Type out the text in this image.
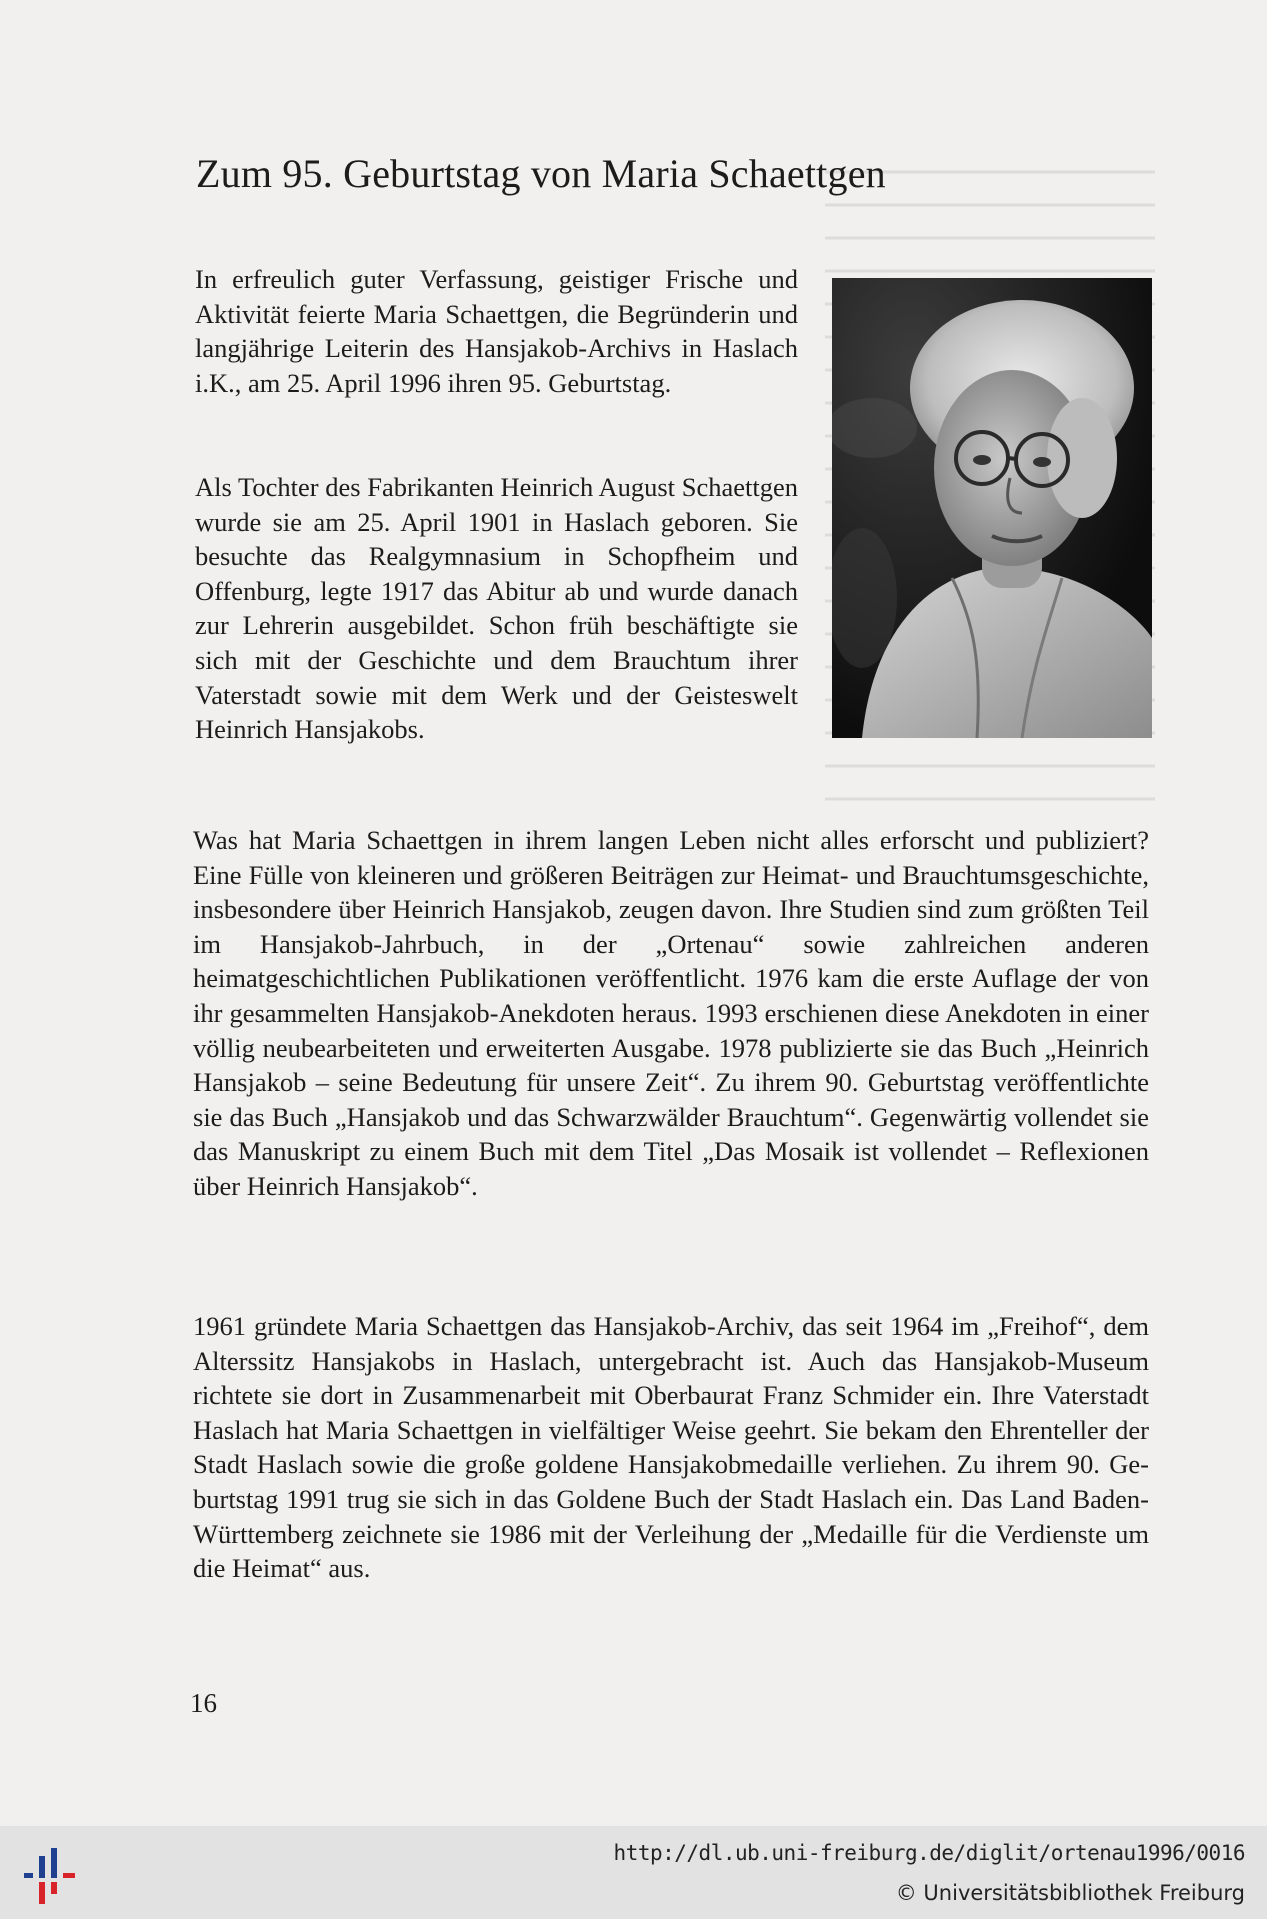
Zum 95. Geburtstag von Maria Schaettgen

In erfreulich guter Verfassung, geistiger Frische und Aktivität feierte Maria Schaettgen, die Begründerin und langjährige Leiterin des Hansjakob-Archivs in Haslach i.K., am 25. April 1996 ihren 95. Geburtstag.

Als Tochter des Fabrikanten Heinrich August Schaettgen wurde sie am 25. April 1901 in Haslach geboren. Sie besuchte das Realgymnasium in Schopfheim und Offenburg, legte 1917 das Abitur ab und wurde danach zur Lehrerin ausgebildet. Schon früh beschäftigte sie sich mit der Geschichte und dem Brauchtum ihrer Vaterstadt sowie mit dem Werk und der Geisteswelt Heinrich Hansjakobs.

Was hat Maria Schaettgen in ihrem langen Leben nicht alles erforscht und publiziert? Eine Fülle von kleineren und größeren Beiträgen zur Heimat- und Brauchtumsgeschichte, insbesondere über Heinrich Hansjakob, zeugen davon. Ihre Studien sind zum größten Teil im Hansjakob-Jahrbuch, in der „Ortenau“ sowie zahlreichen anderen heimatgeschichtlichen Publikationen veröffentlicht. 1976 kam die erste Auflage der von ihr gesammelten Hansjakob-Anekdoten heraus. 1993 erschienen diese Anekdoten in einer völlig neubearbeiteten und erweiterten Ausgabe. 1978 publizierte sie das Buch „Heinrich Hansjakob – seine Bedeutung für unsere Zeit“. Zu ihrem 90. Geburtstag veröffentlichte sie das Buch „Hansjakob und das Schwarzwälder Brauchtum“. Gegenwärtig vollendet sie das Manuskript zu einem Buch mit dem Titel „Das Mosaik ist vollendet – Reflexionen über Heinrich Hansjakob“.

1961 gründete Maria Schaettgen das Hansjakob-Archiv, das seit 1964 im „Freihof“, dem Alterssitz Hansjakobs in Haslach, untergebracht ist. Auch das Hansjakob-Museum richtete sie dort in Zusammenarbeit mit Oberbaurat Franz Schmider ein. Ihre Vaterstadt Haslach hat Maria Schaettgen in vielfältiger Weise geehrt. Sie bekam den Ehrenteller der Stadt Haslach sowie die große goldene Hansjakobmedaille verliehen. Zu ihrem 90. Geburtstag 1991 trug sie sich in das Goldene Buch der Stadt Haslach ein. Das Land Baden-Württemberg zeichnete sie 1986 mit der Verleihung der „Medaille für die Verdienste um die Heimat“ aus.

16
http://dl.ub.uni-freiburg.de/diglit/ortenau1996/0016
© Universitätsbibliothek Freiburg
